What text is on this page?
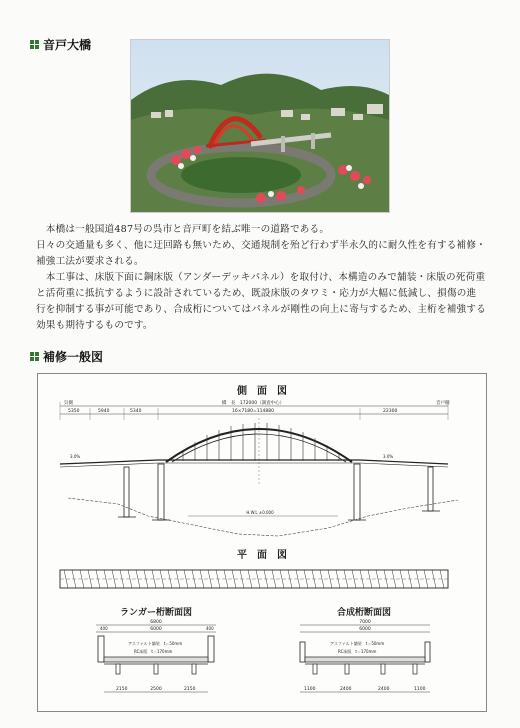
音戸大橋

　本橋は一般国道487号の呉市と音戸町を結ぶ唯一の道路である。

日々の交通量も多く、他に迂回路も無いため、交通規制を殆ど行わず半永久的に耐久性を有する補修・補強工法が要求される。

　本工事は、床版下面に鋼床版（アンダーデッキパネル）を取付け、本構造のみで舗装・床版の死荷重と活荷重に抵抗するように設計されているため、既設床版のタワミ・応力が大幅に低減し、損傷の進行を抑制する事が可能であり、合成桁についてはパネルが剛性の向上に寄与するため、主桁を補強する効果も期待するものです。

補修一般図
側　面　図
橋　長　172000（調査中心）
呉側	音戸側
5350	5940	5340	16×7180=114880	22300
3.0%	3.0%
H.W.L ±0.000
平　面　図
ランガー桁断面図
6800
400	6000	400
アスファルト舗装　t＝50mm
RC床版　t＝170mm
2150	2500	2150
合成桁断面図
7000
6000
アスファルト舗装　t＝50mm
RC床版　t＝170mm
1100	2400	2400	1100
